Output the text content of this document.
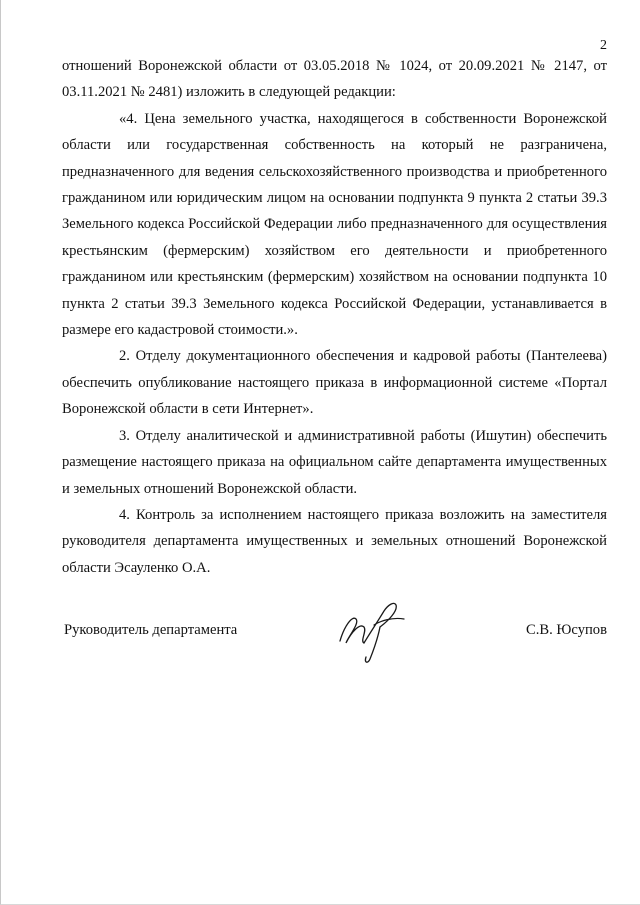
2

отношений Воронежской области от 03.05.2018 № 1024, от 20.09.2021 № 2147, от 03.11.2021 № 2481) изложить в следующей редакции:

«4. Цена земельного участка, находящегося в собственности Воронежской области или государственная собственность на который не разграничена, предназначенного для ведения сельскохозяйственного производства и приобретенного гражданином или юридическим лицом на основании подпункта 9 пункта 2 статьи 39.3 Земельного кодекса Российской Федерации либо предназначенного для осуществления крестьянским (фермерским) хозяйством его деятельности и приобретенного гражданином или крестьянским (фермерским) хозяйством на основании подпункта 10 пункта 2 статьи 39.3 Земельного кодекса Российской Федерации, устанавливается в размере его кадастровой стоимости.».

2. Отделу документационного обеспечения и кадровой работы (Пантелеева) обеспечить опубликование настоящего приказа в информационной системе «Портал Воронежской области в сети Интернет».

3. Отделу аналитической и административной работы (Ишутин) обеспечить размещение настоящего приказа на официальном сайте департамента имущественных и земельных отношений Воронежской области.

4. Контроль за исполнением настоящего приказа возложить на заместителя руководителя департамента имущественных и земельных отношений Воронежской области Эсауленко О.А.

Руководитель департамента	С.В. Юсупов
